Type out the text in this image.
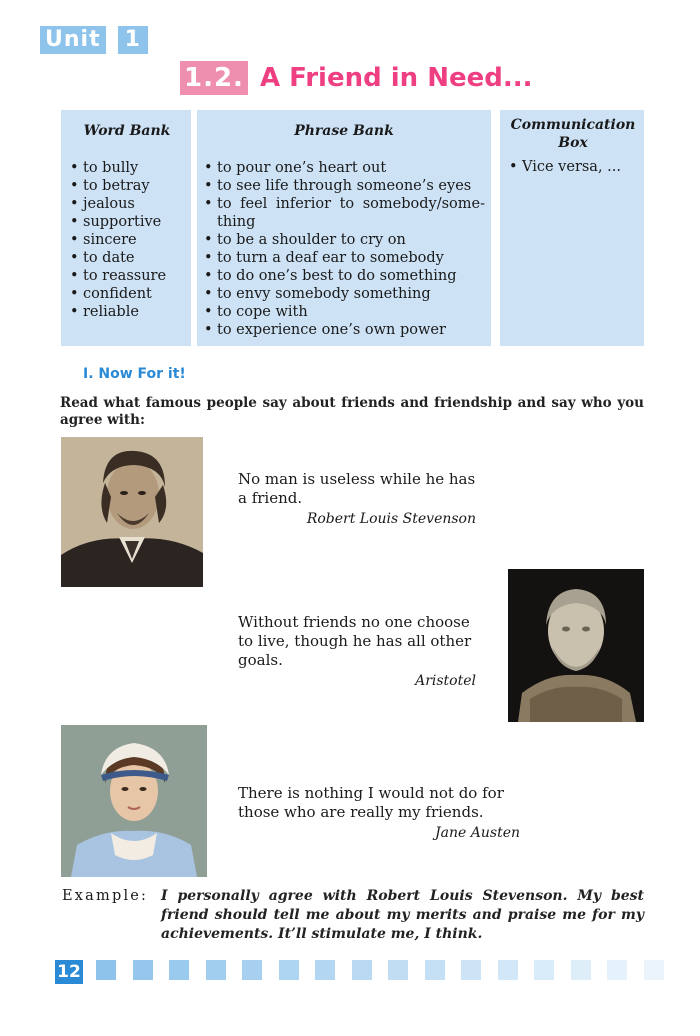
Unit	1
1.2. A Friend in Need...

Word Bank

• to bully
• to betray
• jealous
• supportive
• sincere
• to date
• to reassure
• confident
• reliable

Phrase Bank

• to pour one’s heart out
• to see life through someone’s eyes
• to feel inferior to somebody/some-thing
• to be a shoulder to cry on
• to turn a deaf ear to somebody
• to do one’s best to do something
• to envy somebody something
• to cope with
• to experience one’s own power

Communication Box

• Vice versa, ...
I. Now For it!
Read what famous people say about friends and friendship and say who you agree with:

No man is useless while he has a friend.

Robert Louis Stevenson

Without friends no one choose to live, though he has all other goals.

Aristotel

There is nothing I would not do for those who are really my friends.

Jane Austen
Example: I personally agree with Robert Louis Stevenson. My best friend should tell me about my merits and praise me for my achievements. It’ll stimulate me, I think.
12
